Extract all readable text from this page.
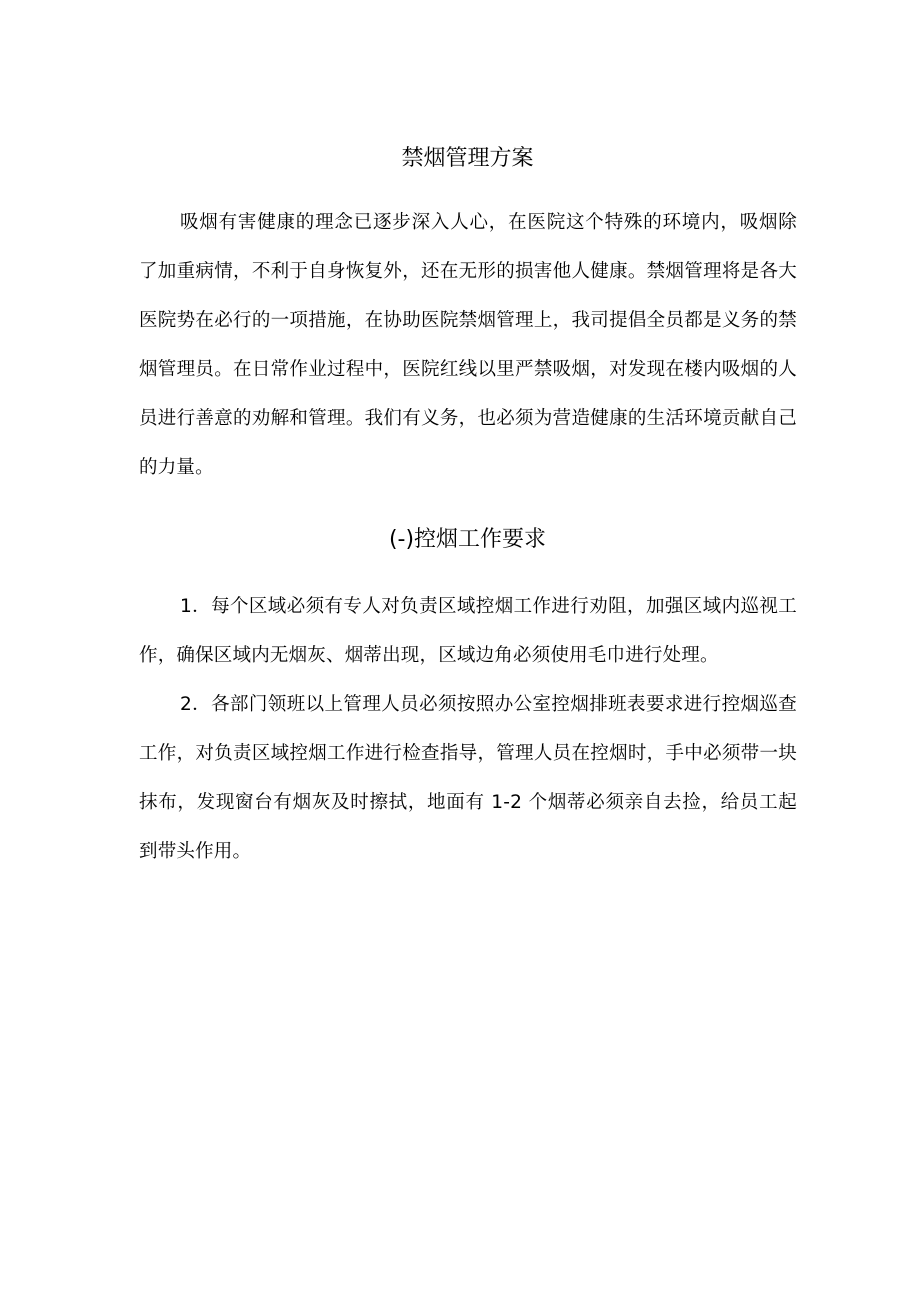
禁烟管理方案

吸烟有害健康的理念已逐步深入人心，在医院这个特殊的环境内，吸烟除了加重病情，不利于自身恢复外，还在无形的损害他人健康。禁烟管理将是各大医院势在必行的一项措施，在协助医院禁烟管理上，我司提倡全员都是义务的禁烟管理员。在日常作业过程中，医院红线以里严禁吸烟，对发现在楼内吸烟的人员进行善意的劝解和管理。我们有义务，也必须为营造健康的生活环境贡献自己的力量。

(-)控烟工作要求

1．每个区域必须有专人对负责区域控烟工作进行劝阻，加强区域内巡视工作，确保区域内无烟灰、烟蒂出现，区域边角必须使用毛巾进行处理。

2．各部门领班以上管理人员必须按照办公室控烟排班表要求进行控烟巡查工作，对负责区域控烟工作进行检查指导，管理人员在控烟时，手中必须带一块抹布，发现窗台有烟灰及时擦拭，地面有 1-2 个烟蒂必须亲自去捡，给员工起到带头作用。
